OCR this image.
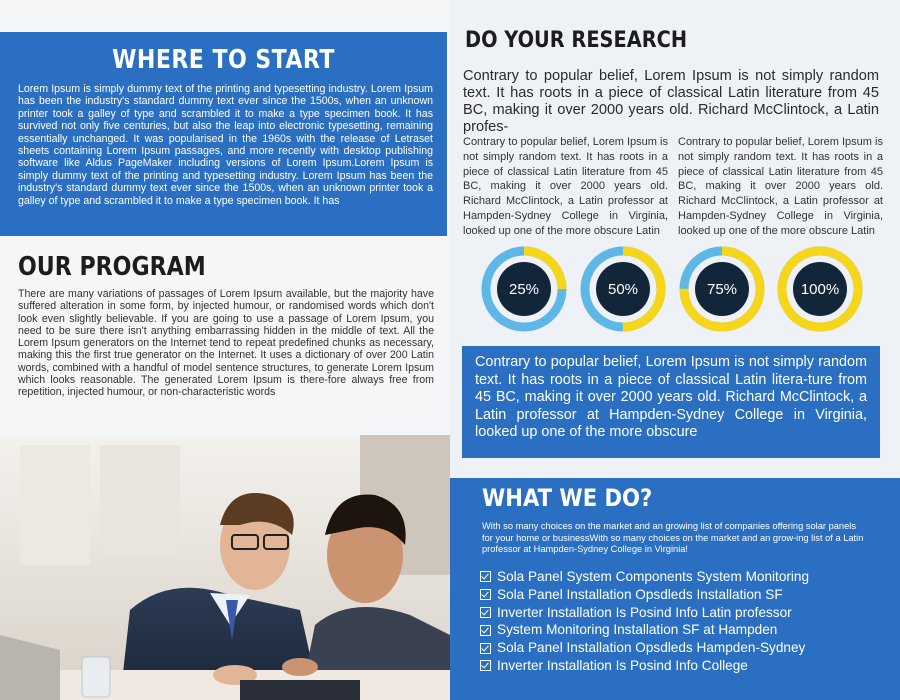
WHERE TO START

Lorem Ipsum is simply dummy text of the printing and typesetting industry. Lorem Ipsum has been the industry's standard dummy text ever since the 1500s, when an unknown printer took a galley of type and scrambled it to make a type specimen book. It has survived not only five centuries, but also the leap into electronic typesetting, remaining essentially unchanged. It was popularised in the 1960s with the release of Letraset sheets containing Lorem Ipsum passages, and more recently with desktop publishing software like Aldus PageMaker including versions of Lorem Ipsum.Lorem Ipsum is simply dummy text of the printing and typesetting industry. Lorem Ipsum has been the industry's standard dummy text ever since the 1500s, when an unknown printer took a galley of type and scrambled it to make a type specimen book. It has

OUR PROGRAM

There are many variations of passages of Lorem Ipsum available, but the majority have suffered alteration in some form, by injected humour, or randomised words which don't look even slightly believable. If you are going to use a passage of Lorem Ipsum, you need to be sure there isn't anything embarrassing hidden in the middle of text. All the Lorem Ipsum generators on the Internet tend to repeat predefined chunks as necessary, making this the first true generator on the Internet. It uses a dictionary of over 200 Latin words, combined with a handful of model sentence structures, to generate Lorem Ipsum which looks reasonable. The generated Lorem Ipsum is there-fore always free from repetition, injected humour, or non-characteristic words

DO YOUR RESEARCH

Contrary to popular belief, Lorem Ipsum is not simply random text. It has roots in a piece of classical Latin literature from 45 BC, making it over 2000 years old. Richard McClintock, a Latin profes-

Contrary to popular belief, Lorem Ipsum is not simply random text. It has roots in a piece of classical Latin literature from 45 BC, making it over 2000 years old. Richard McClintock, a Latin professor at Hampden-Sydney College in Virginia, looked up one of the more obscure Latin

Contrary to popular belief, Lorem Ipsum is not simply random text. It has roots in a piece of classical Latin literature from 45 BC, making it over 2000 years old. Richard McClintock, a Latin professor at Hampden-Sydney College in Virginia, looked up one of the more obscure Latin

25%	50%	75%	100%

Contrary to popular belief, Lorem Ipsum is not simply random text. It has roots in a piece of classical Latin litera-ture from 45 BC, making it over 2000 years old. Richard McClintock, a Latin professor at Hampden-Sydney College in Virginia, looked up one of the more obscure

WHAT WE DO?

With so many choices on the market and an growing list of companies offering solar panels for your home or businessWith so many choices on the market and an grow-ing list of a Latin professor at Hampden-Sydney College in Virginia!

Sola Panel System Components System Monitoring
Sola Panel Installation Opsdleds Installation SF
Inverter Installation Is Posind Info Latin professor
System Monitoring Installation SF at Hampden
Sola Panel Installation Opsdleds Hampden-Sydney
Inverter Installation Is Posind Info College
